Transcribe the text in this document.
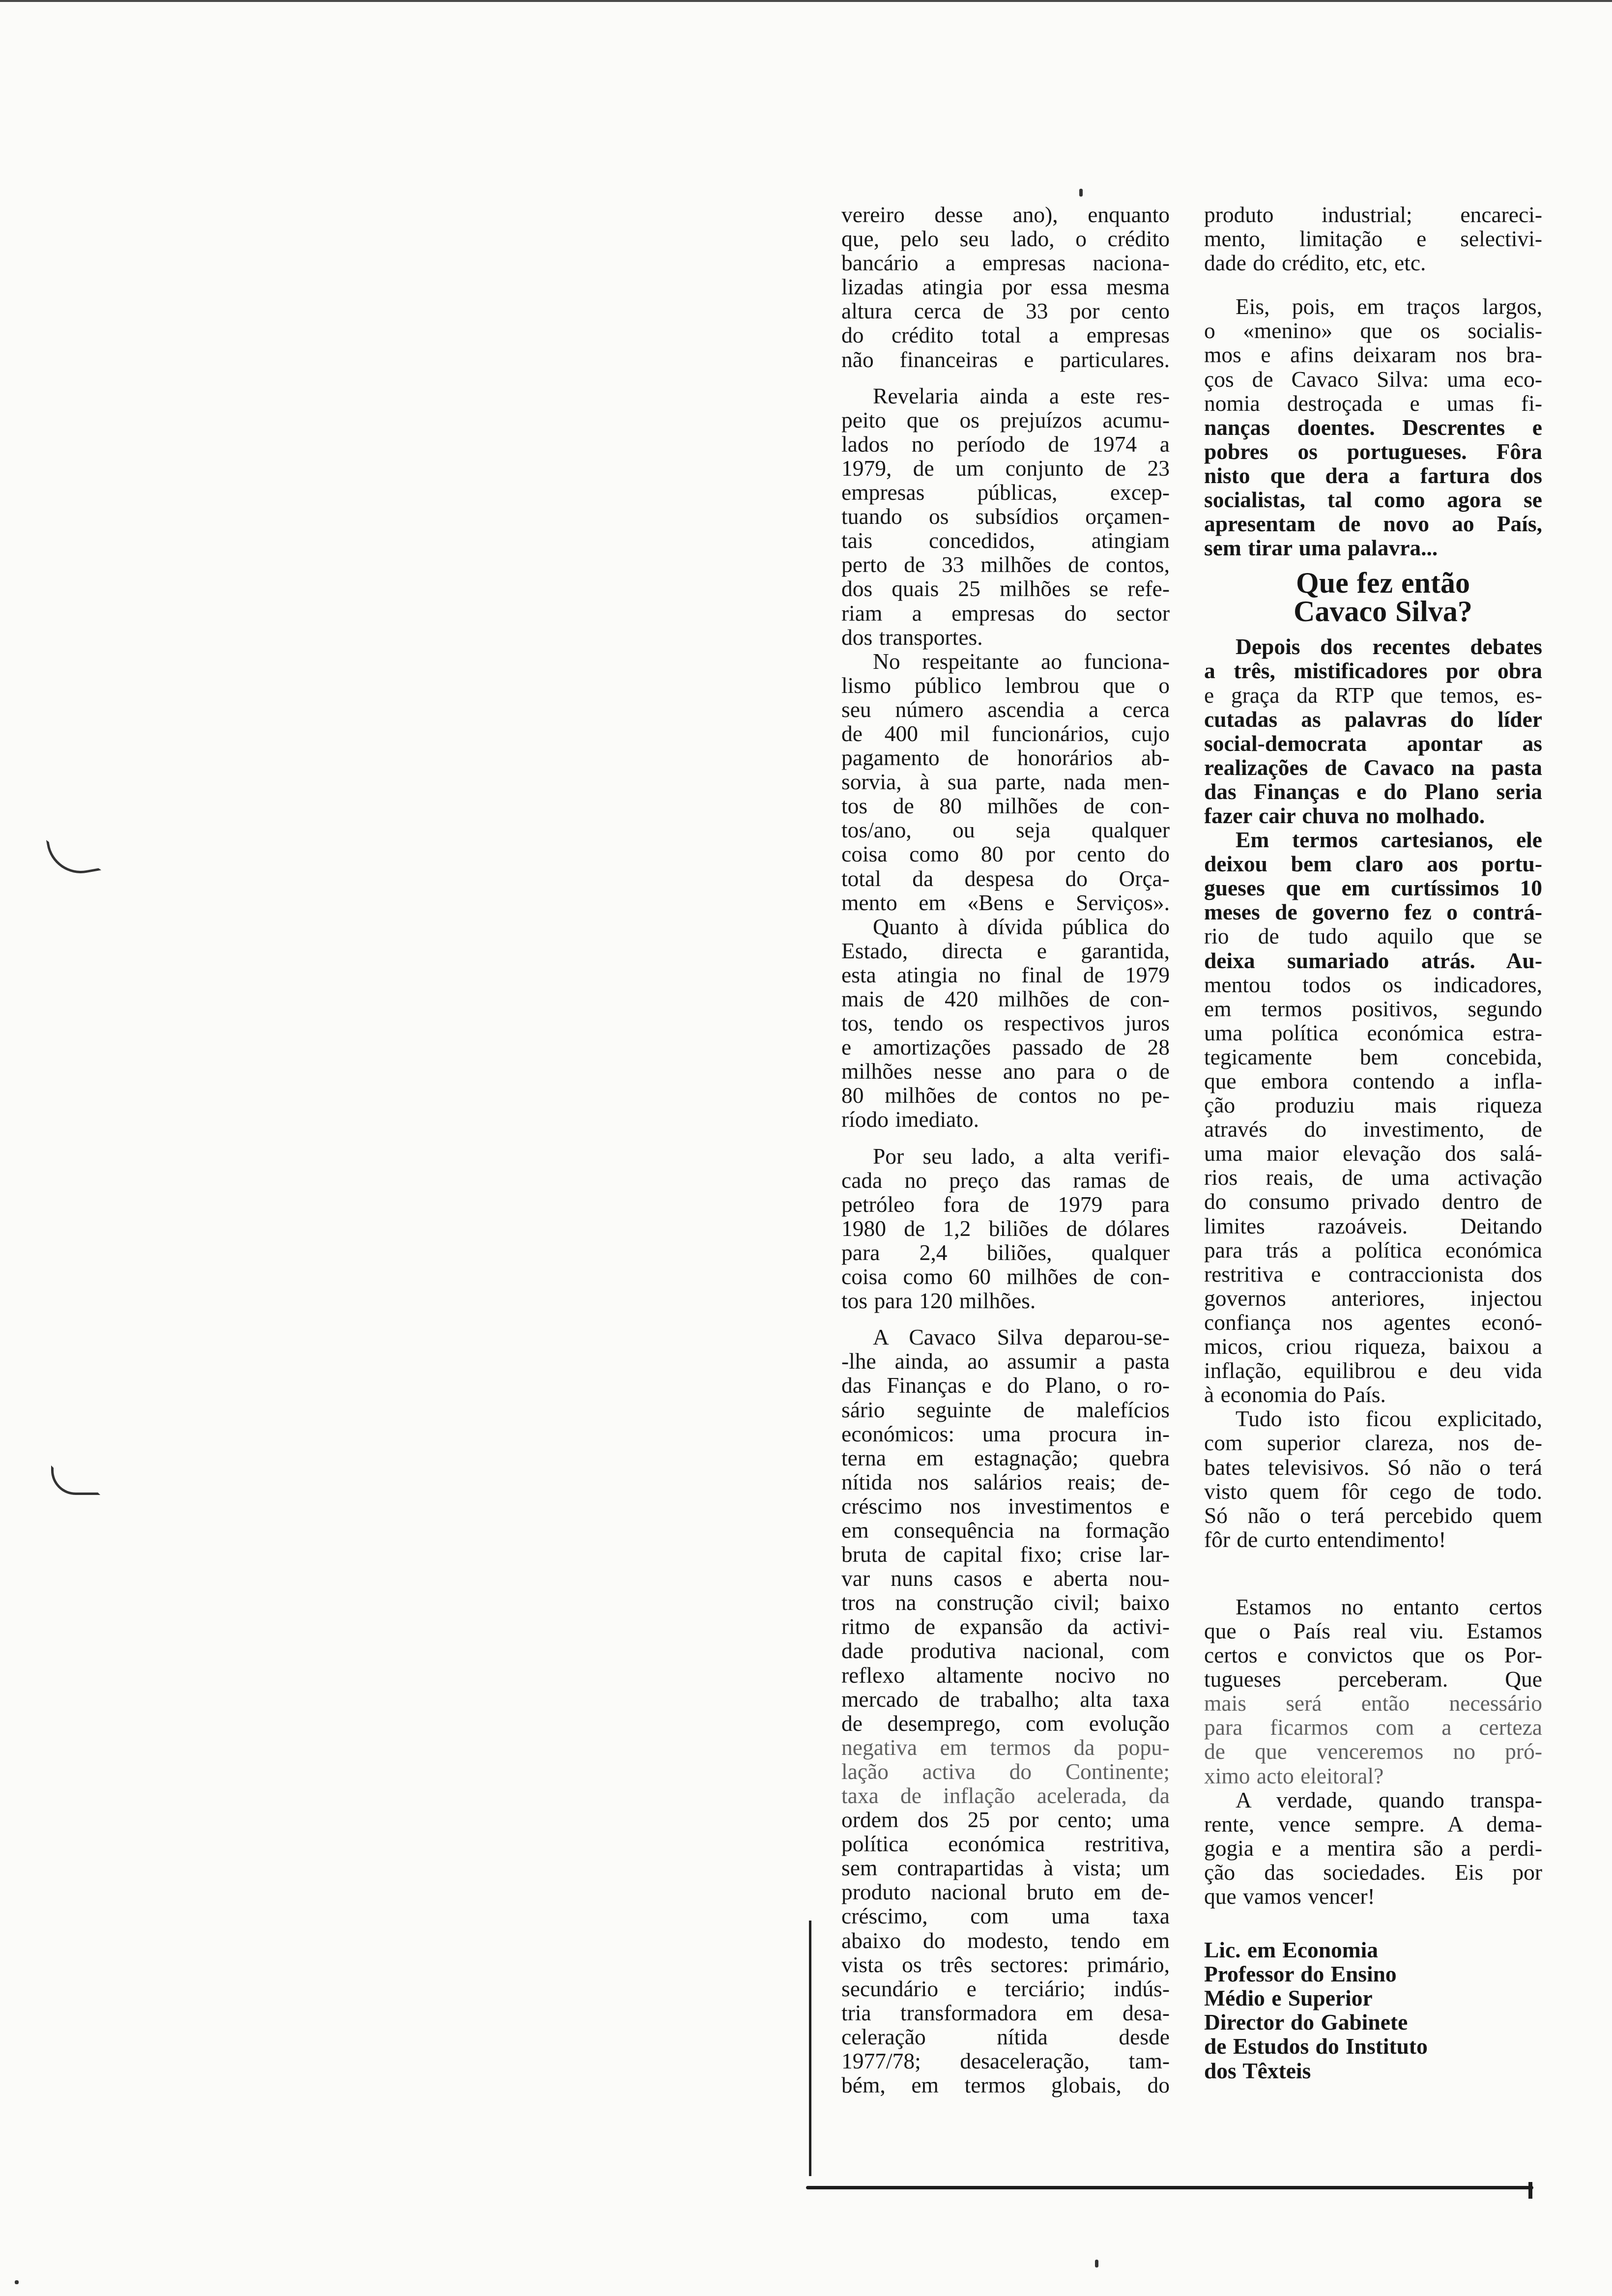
vereiro desse ano), enquanto
que, pelo seu lado, o crédito
bancário a empresas naciona-
lizadas atingia por essa mesma
altura cerca de 33 por cento
do crédito total a empresas
não financeiras e particulares.
Revelaria ainda a este res-
peito que os prejuízos acumu-
lados no período de 1974 a
1979, de um conjunto de 23
empresas públicas, excep-
tuando os subsídios orçamen-
tais concedidos, atingiam
perto de 33 milhões de contos,
dos quais 25 milhões se refe-
riam a empresas do sector
dos transportes.
No respeitante ao funciona-
lismo público lembrou que o
seu número ascendia a cerca
de 400 mil funcionários, cujo
pagamento de honorários ab-
sorvia, à sua parte, nada men-
tos de 80 milhões de con-
tos/ano, ou seja qualquer
coisa como 80 por cento do
total da despesa do Orça-
mento em «Bens e Serviços».
Quanto à dívida pública do
Estado, directa e garantida,
esta atingia no final de 1979
mais de 420 milhões de con-
tos, tendo os respectivos juros
e amortizações passado de 28
milhões nesse ano para o de
80 milhões de contos no pe-
ríodo imediato.
Por seu lado, a alta verifi-
cada no preço das ramas de
petróleo fora de 1979 para
1980 de 1,2 biliões de dólares
para 2,4 biliões, qualquer
coisa como 60 milhões de con-
tos para 120 milhões.
A Cavaco Silva deparou-se-
-lhe ainda, ao assumir a pasta
das Finanças e do Plano, o ro-
sário seguinte de malefícios
económicos: uma procura in-
terna em estagnação; quebra
nítida nos salários reais; de-
créscimo nos investimentos e
em consequência na formação
bruta de capital fixo; crise lar-
var nuns casos e aberta nou-
tros na construção civil; baixo
ritmo de expansão da activi-
dade produtiva nacional, com
reflexo altamente nocivo no
mercado de trabalho; alta taxa
de desemprego, com evolução
negativa em termos da popu-
lação activa do Continente;
taxa de inflação acelerada, da
ordem dos 25 por cento; uma
política económica restritiva,
sem contrapartidas à vista; um
produto nacional bruto em de-
créscimo, com uma taxa
abaixo do modesto, tendo em
vista os três sectores: primário,
secundário e terciário; indús-
tria transformadora em desa-
celeração nítida desde
1977/78; desaceleração, tam-
bém, em termos globais, do
produto industrial; encareci-
mento, limitação e selectivi-
dade do crédito, etc, etc.
Eis, pois, em traços largos,
o «menino» que os socialis-
mos e afins deixaram nos bra-
ços de Cavaco Silva: uma eco-
nomia destroçada e umas fi-
nanças doentes. Descrentes e
pobres os portugueses. Fôra
nisto que dera a fartura dos
socialistas, tal como agora se
apresentam de novo ao País,
sem tirar uma palavra...
Que fez então
Cavaco Silva?
Depois dos recentes debates
a três, mistificadores por obra
e graça da RTP que temos, es-
cutadas as palavras do líder
social-democrata apontar as
realizações de Cavaco na pasta
das Finanças e do Plano seria
fazer cair chuva no molhado.
Em termos cartesianos, ele
deixou bem claro aos portu-
gueses que em curtíssimos 10
meses de governo fez o contrá-
rio de tudo aquilo que se
deixa sumariado atrás. Au-
mentou todos os indicadores,
em termos positivos, segundo
uma política económica estra-
tegicamente bem concebida,
que embora contendo a infla-
ção produziu mais riqueza
através do investimento, de
uma maior elevação dos salá-
rios reais, de uma activação
do consumo privado dentro de
limites razoáveis. Deitando
para trás a política económica
restritiva e contraccionista dos
governos anteriores, injectou
confiança nos agentes econó-
micos, criou riqueza, baixou a
inflação, equilibrou e deu vida
à economia do País.
Tudo isto ficou explicitado,
com superior clareza, nos de-
bates televisivos. Só não o terá
visto quem fôr cego de todo.
Só não o terá percebido quem
fôr de curto entendimento!
Estamos no entanto certos
que o País real viu. Estamos
certos e convictos que os Por-
tugueses perceberam. Que
mais será então necessário
para ficarmos com a certeza
de que venceremos no pró-
ximo acto eleitoral?
A verdade, quando transpa-
rente, vence sempre. A dema-
gogia e a mentira são a perdi-
ção das sociedades. Eis por
que vamos vencer!
Lic. em Economia
Professor do Ensino
Médio e Superior
Director do Gabinete
de Estudos do Instituto
dos Têxteis
